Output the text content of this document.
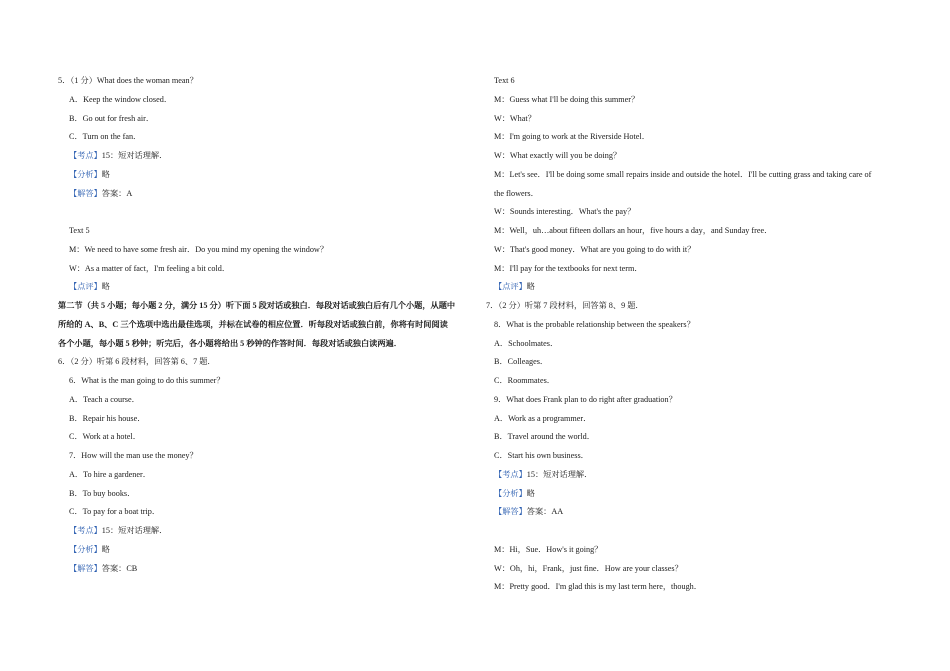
5．（1 分）What does the woman mean？
A．Keep the window closed．
B．Go out for fresh air．
C．Turn on the fan．
【考点】15：短对话理解．
【分析】略
【解答】答案：A
Text 5
M：We need to have some fresh air．Do you mind my opening the window？
W：As a matter of fact，I'm feeling a bit cold．
【点评】略
第二节（共 5 小题；每小题 2 分，满分 15 分）听下面 5 段对话或独白．每段对话或独白后有几个小题，从题中
所给的 A、B、C 三个选项中选出最佳选项，并标在试卷的相应位置．听每段对话或独白前，你将有时间阅读
各个小题，每小题 5 秒钟；听完后，各小题将给出 5 秒钟的作答时间．每段对话或独白读两遍．
6．（2 分）听第 6 段材料，回答第 6、7 题．
6．What is the man going to do this summer？
A．Teach a course．
B．Repair his house．
C．Work at a hotel．
7．How will the man use the money？
A．To hire a gardener．
B．To buy books．
C．To pay for a boat trip．
【考点】15：短对话理解．
【分析】略
【解答】答案：CB
Text 6
M：Guess what I'll be doing this summer？
W：What？
M：I'm going to work at the Riverside Hotel．
W：What exactly will you be doing？
M：Let's see．I'll be doing some small repairs inside and outside the hotel．I'll be cutting grass and taking care of
the flowers．
W：Sounds interesting．What's the pay？
M：Well，uh…about fifteen dollars an hour，five hours a day，and Sunday free．
W：That's good money．What are you going to do with it？
M：I'll pay for the textbooks for next term．
【点评】略
7．（2 分）听第 7 段材料，回答第 8、9 题．
8．What is the probable relationship between the speakers？
A．Schoolmates．
B．Colleages．
C．Roommates．
9．What does Frank plan to do right after graduation？
A．Work as a programmer．
B．Travel around the world．
C．Start his own business．
【考点】15：短对话理解．
【分析】略
【解答】答案：AA
M：Hi，Sue．How's it going？
W：Oh，hi，Frank，just fine．How are your classes？
M：Pretty good．I'm glad this is my last term here，though．
